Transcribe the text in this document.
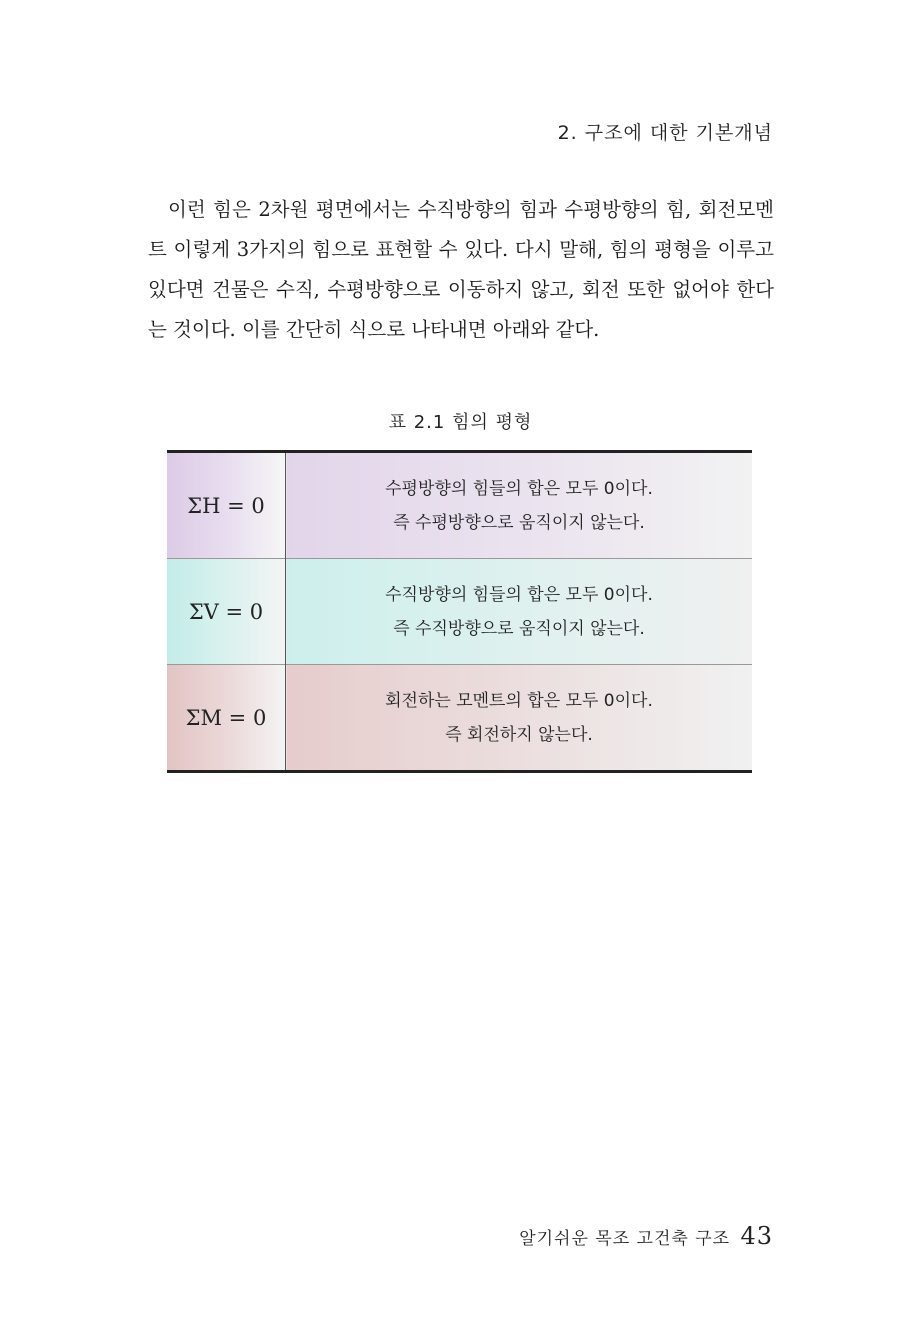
2. 구조에 대한 기본개념

이런 힘은 2차원 평면에서는 수직방향의 힘과 수평방향의 힘, 회전모멘트 이렇게 3가지의 힘으로 표현할 수 있다. 다시 말해, 힘의 평형을 이루고 있다면 건물은 수직, 수평방향으로 이동하지 않고, 회전 또한 없어야 한다는 것이다. 이를 간단히 식으로 나타내면 아래와 같다.

표 2.1 힘의 평형
ΣH = 0	수평방향의 힘들의 합은 모두 0이다.
즉 수평방향으로 움직이지 않는다.

ΣV = 0	수직방향의 힘들의 합은 모두 0이다.
즉 수직방향으로 움직이지 않는다.

ΣM = 0	회전하는 모멘트의 합은 모두 0이다.
즉 회전하지 않는다.
알기쉬운 목조 고건축 구조 43
